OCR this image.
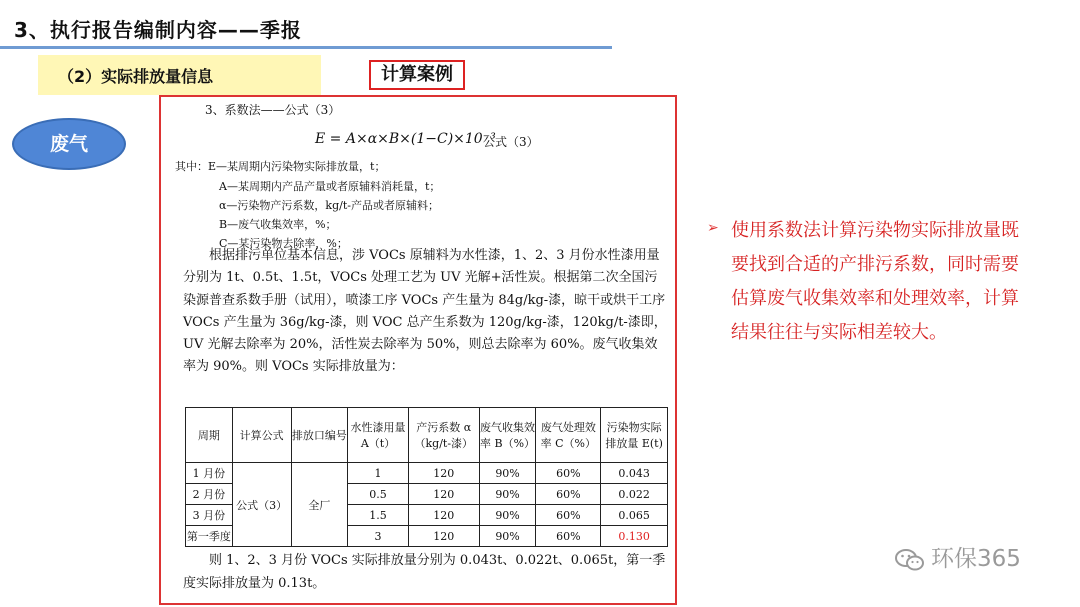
3、执行报告编制内容——季报
（2）实际排放量信息	计算案例
废气
3、系数法——公式（3）
E = A×α×B×(1−C)×10⁻³
公式（3）
其中：E—某周期内污染物实际排放量，t；
A—某周期内产品产量或者原辅料消耗量，t；
α—污染物产污系数，kg/t-产品或者原辅料；
B—废气收集效率，%；
C—某污染物去除率，%；
根据排污单位基本信息，涉 VOCs 原辅料为水性漆，1、2、3 月份水性漆用量分别为 1t、0.5t、1.5t，VOCs 处理工艺为 UV 光解+活性炭。根据第二次全国污染源普查系数手册（试用），喷漆工序 VOCs 产生量为 84g/kg-漆，晾干或烘干工序 VOCs 产生量为 36g/kg-漆，则 VOC 总产生系数为 120g/kg-漆，120kg/t-漆即，UV 光解去除率为 20%，活性炭去除率为 50%，则总去除率为 60%。废气收集效率为 90%。则 VOCs 实际排放量为：
周期	计算公式	排放口编号	水性漆用量 A（t）	产污系数 α（kg/t-漆）	废气收集效率 B（%）	废气处理效率 C（%）	污染物实际排放量 E(t)
1 月份	公式（3）	全厂	1	120	90%	60%	0.043
2 月份			0.5	120	90%	60%	0.022
3 月份			1.5	120	90%	60%	0.065
第一季度			3	120	90%	60%	0.130
则 1、2、3 月份 VOCs 实际排放量分别为 0.043t、0.022t、0.065t，第一季度实际排放量为 0.13t。
➢ 使用系数法计算污染物实际排放量既要找到合适的产排污系数，同时需要估算废气收集效率和处理效率，计算结果往往与实际相差较大。
环保365
